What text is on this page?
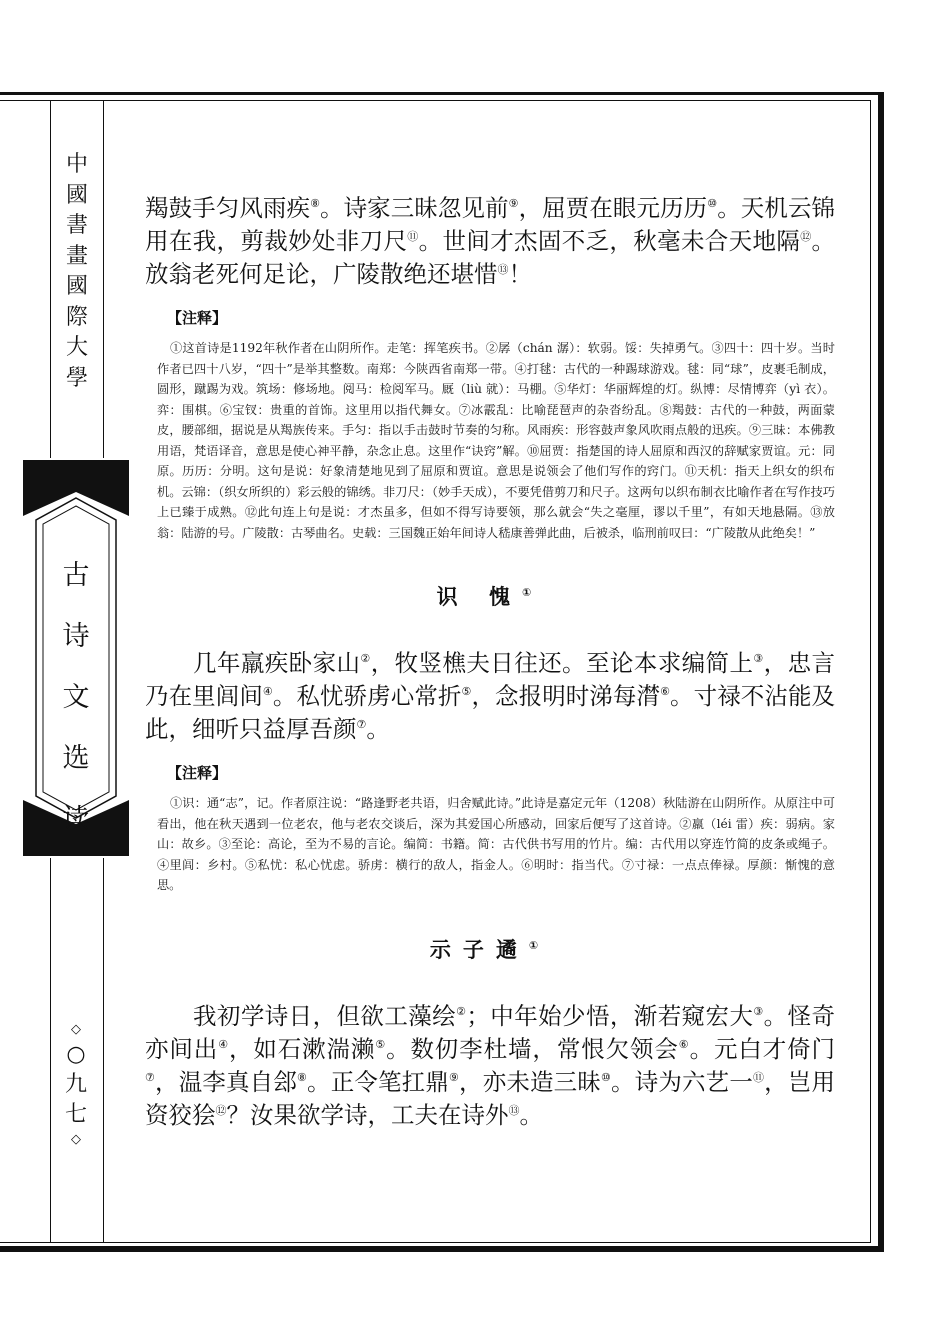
中
國
書
畫
國
際
大
學
古
诗
文
选
读
◇
○
九
七
◇

羯鼓手匀风雨疾⑧。诗家三昧忽见前⑨，屈贾在眼元历历⑩。天机云锦用在我，剪裁妙处非刀尺⑪。世间才杰固不乏，秋毫未合天地隔⑫。放翁老死何足论，广陵散绝还堪惜⑬！

【注释】

①这首诗是1192年秋作者在山阴所作。走笔：挥笔疾书。②孱（chán 潺）：软弱。馁：失掉勇气。③四十：四十岁。当时作者已四十八岁，“四十”是举其整数。南郑：今陕西省南郑一带。④打毬：古代的一种踢球游戏。毬：同“球”，皮裹毛制成，圆形，蹴踢为戏。筑场：修场地。阅马：检阅军马。厩（liù 就）：马棚。⑤华灯：华丽辉煌的灯。纵博：尽情博弈（yì 衣）。弈：围棋。⑥宝钗：贵重的首饰。这里用以指代舞女。⑦冰霰乱：比喻琵琶声的杂沓纷乱。⑧羯鼓：古代的一种鼓，两面蒙皮，腰部细，据说是从羯族传来。手匀：指以手击鼓时节奏的匀称。风雨疾：形容鼓声象风吹雨点般的迅疾。⑨三昧：本佛教用语，梵语译音，意思是使心神平静，杂念止息。这里作“诀窍”解。⑩屈贾：指楚国的诗人屈原和西汉的辞赋家贾谊。元：同原。历历：分明。这句是说：好象清楚地见到了屈原和贾谊。意思是说领会了他们写作的窍门。⑪天机：指天上织女的织布机。云锦：（织女所织的）彩云般的锦绣。非刀尺：（妙手天成），不要凭借剪刀和尺子。这两句以织布制衣比喻作者在写作技巧上已臻于成熟。⑫此句连上句是说：才杰虽多，但如不得写诗要领，那么就会“失之毫厘，谬以千里”，有如天地悬隔。⑬放翁：陆游的号。广陵散：古琴曲名。史载：三国魏正始年间诗人嵇康善弹此曲，后被杀，临刑前叹曰：“广陵散从此绝矣！”

识 愧①

几年羸疾卧家山②，牧竖樵夫日往还。至论本求编简上③，忠言乃在里闾间④。私忧骄虏心常折⑤，念报明时涕每潸⑥。寸禄不沾能及此，细听只益厚吾颜⑦。

【注释】

①识：通“志”，记。作者原注说：“路逢野老共语，归舍赋此诗。”此诗是嘉定元年（1208）秋陆游在山阴所作。从原注中可看出，他在秋天遇到一位老农，他与老农交谈后，深为其爱国心所感动，回家后便写了这首诗。②羸（léi 雷）疾：弱病。家山：故乡。③至论：高论，至为不易的言论。编简：书籍。简：古代供书写用的竹片。编：古代用以穿连竹简的皮条或绳子。④里闾：乡村。⑤私忧：私心忧虑。骄虏：横行的敌人，指金人。⑥明时：指当代。⑦寸禄：一点点俸禄。厚颜：惭愧的意思。

示子遹①

我初学诗日，但欲工藻绘②；中年始少悟，渐若窥宏大③。怪奇亦间出④，如石漱湍濑⑤。数仞李杜墙，常恨欠领会⑥。元白才倚门⑦，温李真自郐⑧。正令笔扛鼎⑨，亦未造三昧⑩。诗为六艺一⑪，岂用资狡狯⑫？汝果欲学诗，工夫在诗外⑬。
